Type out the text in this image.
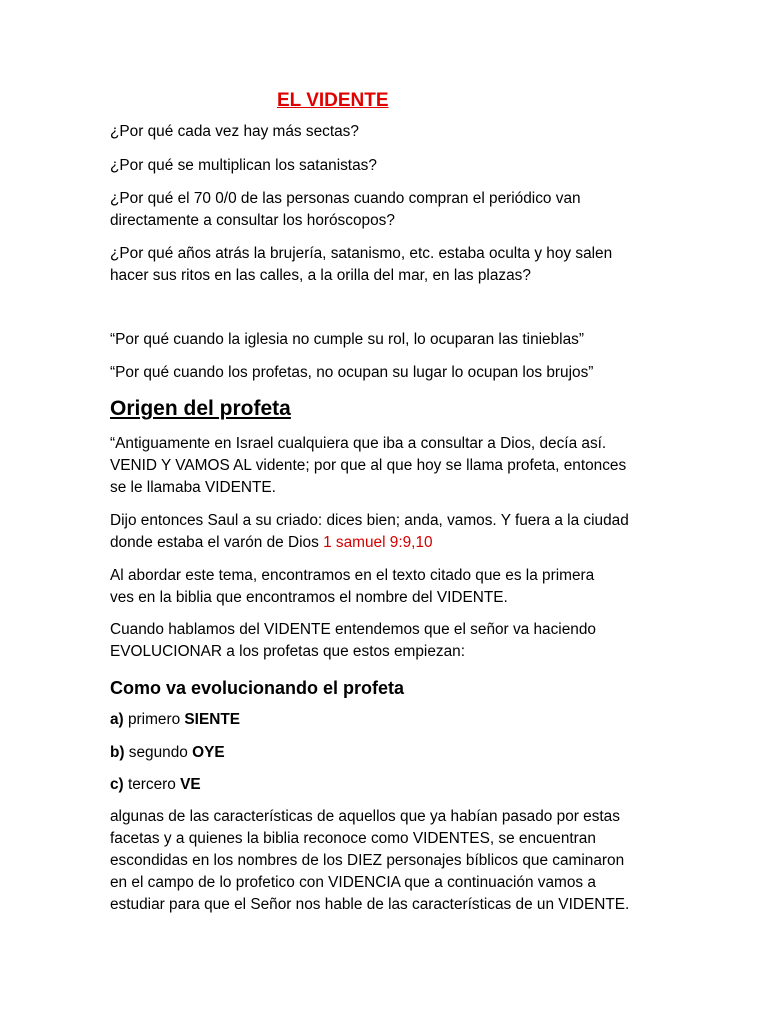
EL VIDENTE

¿Por qué cada vez hay más sectas?

¿Por qué se multiplican los satanistas?

¿Por qué el 70 0/0 de las personas cuando compran el periódico van

directamente a consultar los horóscopos?

¿Por qué años atrás la brujería, satanismo, etc. estaba oculta y hoy salen

hacer sus ritos en las calles, a la orilla del mar, en las plazas?

“Por qué cuando la iglesia no cumple su rol, lo ocuparan las tinieblas”

“Por qué cuando los profetas, no ocupan su lugar lo ocupan los brujos”

Origen del profeta

“Antiguamente en Israel cualquiera que iba a consultar a Dios, decía así.

VENID Y VAMOS AL vidente; por que al que hoy se llama profeta, entonces

se le llamaba VIDENTE.

Dijo entonces Saul a su criado: dices bien; anda, vamos. Y fuera a la ciudad

donde estaba el varón de Dios 1 samuel 9:9,10

Al abordar este tema, encontramos en el texto citado que es la primera

ves en la biblia que encontramos el nombre del VIDENTE.

Cuando hablamos del VIDENTE entendemos que el señor va haciendo

EVOLUCIONAR a los profetas que estos empiezan:

Como va evolucionando el profeta

a) primero SIENTE

b) segundo OYE

c) tercero VE

algunas de las características de aquellos que ya habían pasado por estas

facetas y a quienes la biblia reconoce como VIDENTES, se encuentran

escondidas en los nombres de los DIEZ personajes bíblicos que caminaron

en el campo de lo profetico con VIDENCIA que a continuación vamos a

estudiar para que el Señor nos hable de las características de un VIDENTE.
